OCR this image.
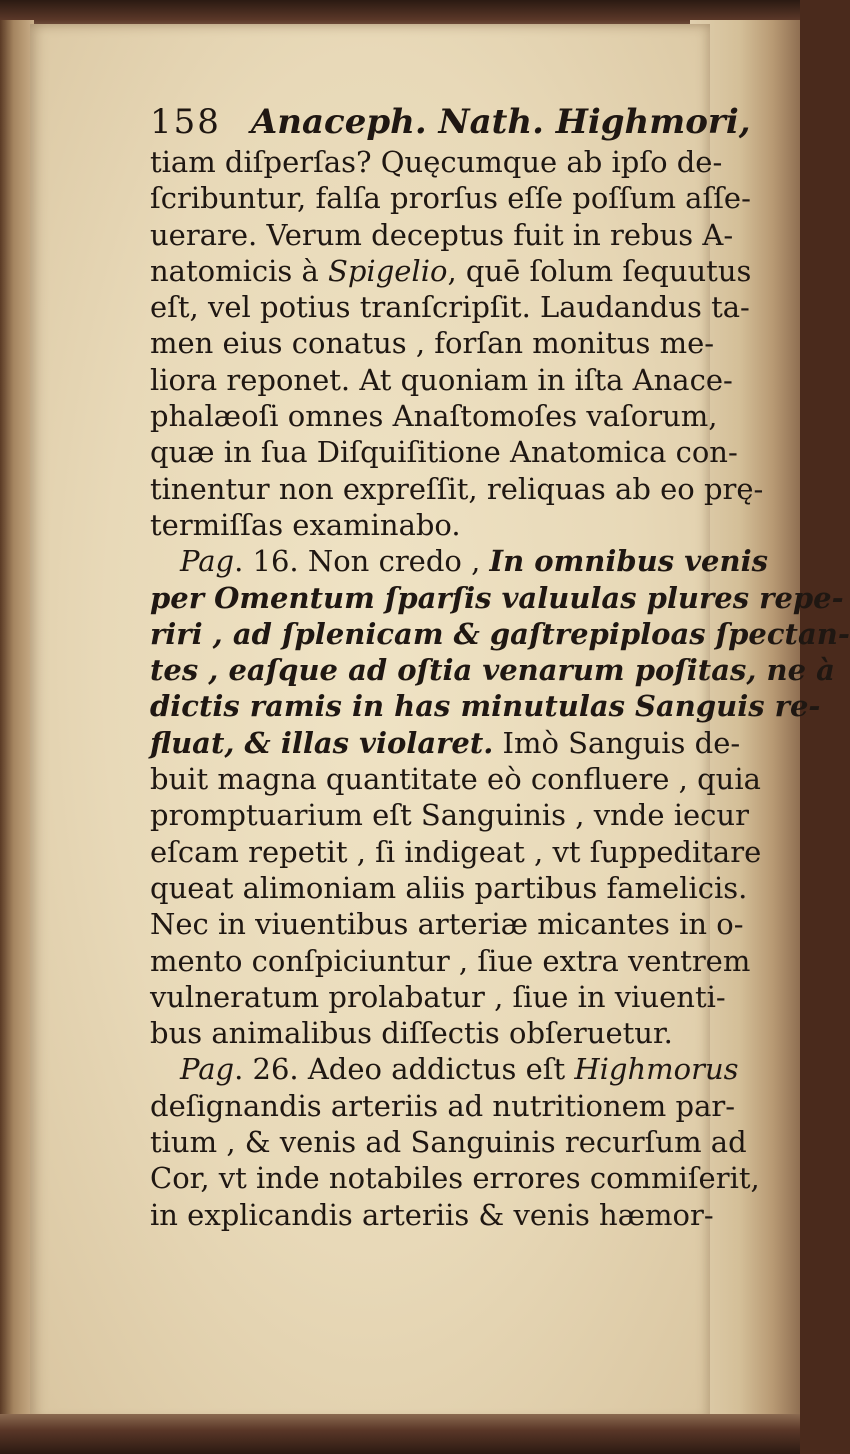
158 Anaceph. Nath. Highmori,
tiam diſperſas? Quęcumque ab ipſo de-
ſcribuntur, falſa prorſus eſſe poſſum aſſe-
uerare. Verum deceptus fuit in rebus A-
natomicis à Spigelio, quē ſolum ſequutus
eſt, vel potius tranſcripſit. Laudandus ta-
men eius conatus , forſan monitus me-
liora reponet. At quoniam in iſta Anace-
phalæoſi omnes Anaſtomoſes vaſorum,
quæ in ſua Diſquiſitione Anatomica con-
tinentur non expreſſit, reliquas ab eo prę-
termiſſas examinabo.
Pag. 16. Non credo , In omnibus venis
per Omentum ſparſis valuulas plures repe-
riri , ad ſplenicam & gaſtrepiploas ſpectan-
tes , eaſque ad oſtia venarum poſitas, ne à
dictis ramis in has minutulas Sanguis re-
fluat, & illas violaret. Imò Sanguis de-
buit magna quantitate eò confluere , quia
promptuarium eſt Sanguinis , vnde iecur
eſcam repetit , ſi indigeat , vt ſuppeditare
queat alimoniam aliis partibus famelicis.
Nec in viuentibus arteriæ micantes in o-
mento conſpiciuntur , ſiue extra ventrem
vulneratum prolabatur , ſiue in viuenti-
bus animalibus diſſectis obſeruetur.
Pag. 26. Adeo addictus eſt Highmorus
deſignandis arteriis ad nutritionem par-
tium , & venis ad Sanguinis recurſum ad
Cor, vt inde notabiles errores commiſerit,
in explicandis arteriis & venis hæmor-
